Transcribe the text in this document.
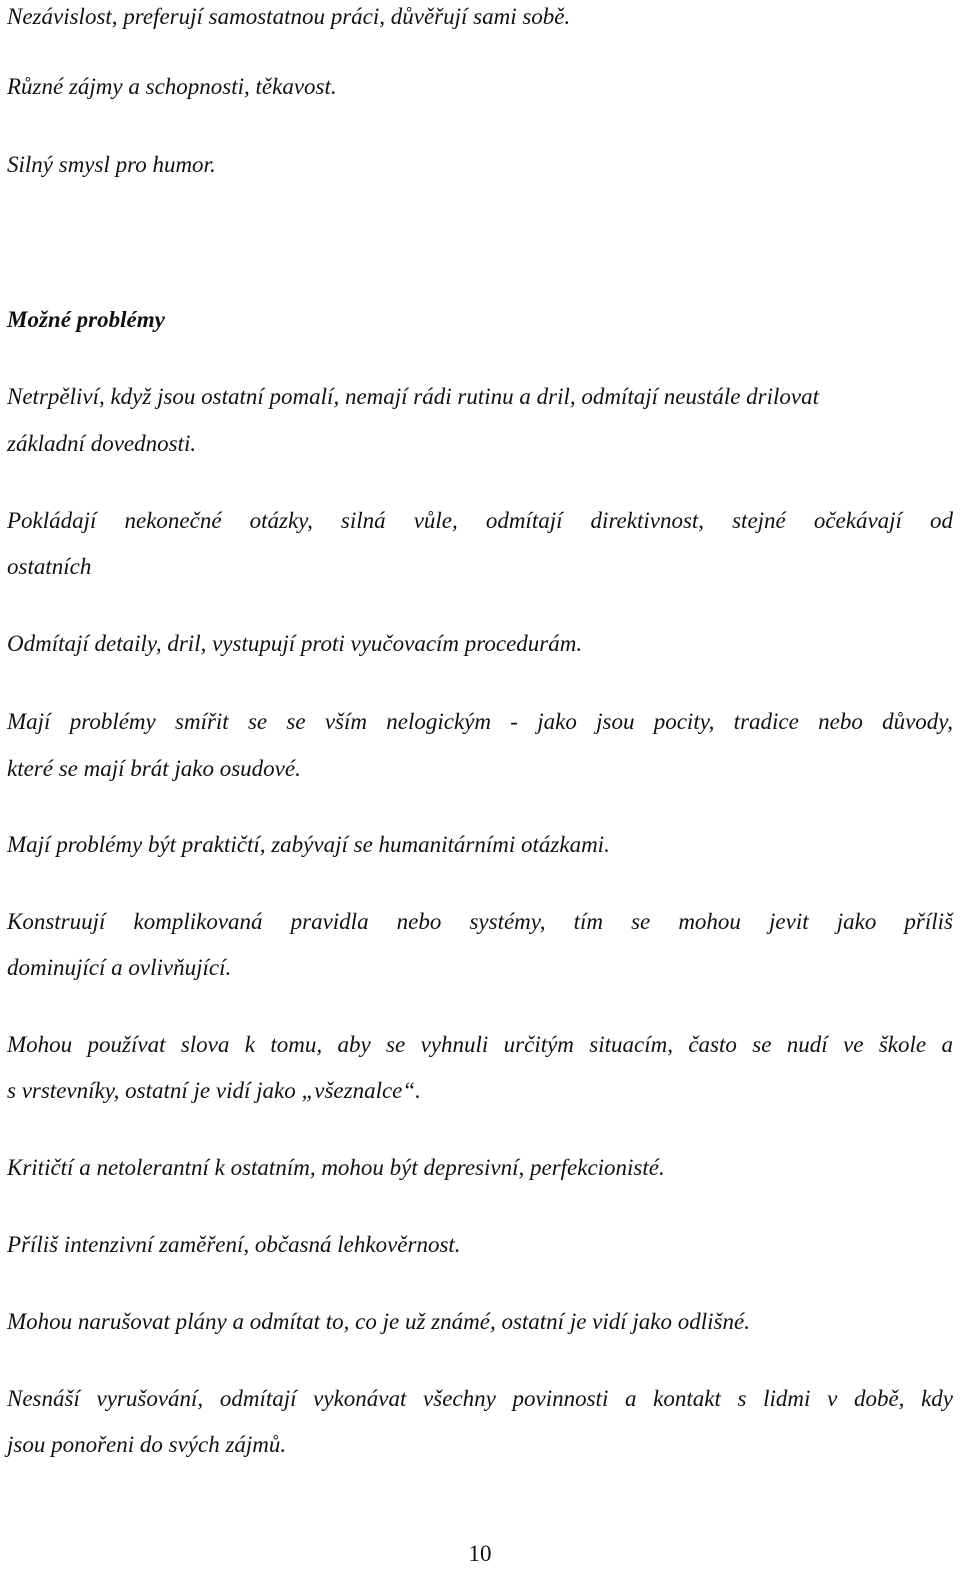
Nezávislost, preferují samostatnou práci, důvěřují sami sobě.

Různé zájmy a schopnosti, těkavost.

Silný smysl pro humor.

Možné problémy

Netrpěliví, když jsou ostatní pomalí, nemají rádi rutinu a dril, odmítají neustále drilovat

základní dovednosti.

Pokládají nekonečné otázky, silná vůle, odmítají direktivnost, stejné očekávají od

ostatních

Odmítají detaily, dril, vystupují proti vyučovacím procedurám.

Mají problémy smířit se se vším nelogickým - jako jsou pocity, tradice nebo důvody,

které se mají brát jako osudové.

Mají problémy být praktičtí, zabývají se humanitárními otázkami.

Konstruují komplikovaná pravidla nebo systémy, tím se mohou jevit jako příliš

dominující a ovlivňující.

Mohou používat slova k tomu, aby se vyhnuli určitým situacím, často se nudí ve škole a

s vrstevníky, ostatní je vidí jako „všeznalce“.

Kritičtí a netolerantní k ostatním, mohou být depresivní, perfekcionisté.

Příliš intenzivní zaměření, občasná lehkověrnost.

Mohou narušovat plány a odmítat to, co je už známé, ostatní je vidí jako odlišné.

Nesnáší vyrušování, odmítají vykonávat všechny povinnosti a kontakt s lidmi v době, kdy

jsou ponořeni do svých zájmů.

10
